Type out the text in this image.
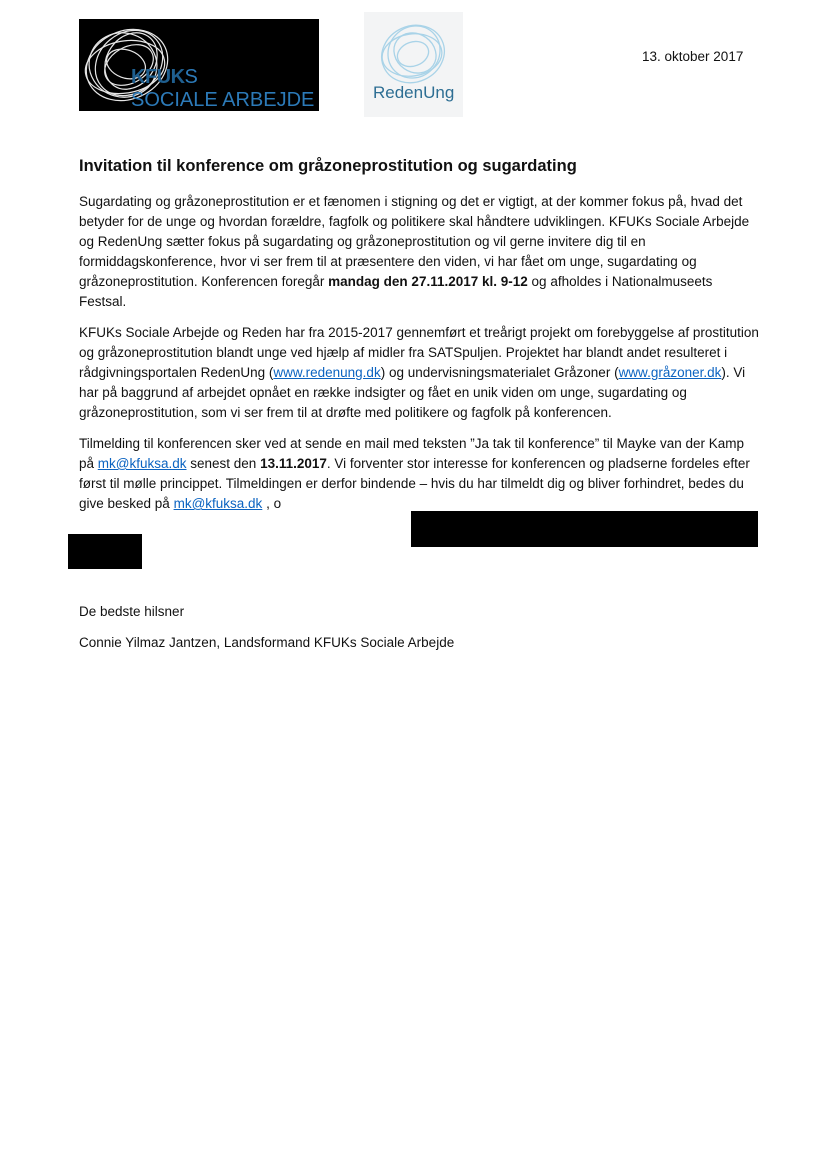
KFUKS
SOCIALE ARBEJDE	RedenUng
13. oktober 2017
Invitation til konference om gråzoneprostitution og sugardating

Sugardating og gråzoneprostitution er et fænomen i stigning og det er vigtigt, at der kommer fokus på, hvad det betyder for de unge og hvordan forældre, fagfolk og politikere skal håndtere udviklingen. KFUKs Sociale Arbejde og RedenUng sætter fokus på sugardating og gråzoneprostitution og vil gerne invitere dig til en formiddagskonference, hvor vi ser frem til at præsentere den viden, vi har fået om unge, sugardating og gråzoneprostitution. Konferencen foregår mandag den 27.11.2017 kl. 9-12 og afholdes i Nationalmuseets Festsal.

KFUKs Sociale Arbejde og Reden har fra 2015-2017 gennemført et treårigt projekt om forebyggelse af prostitution og gråzoneprostitution blandt unge ved hjælp af midler fra SATSpuljen. Projektet har blandt andet resulteret i rådgivningsportalen RedenUng (www.redenung.dk) og undervisningsmaterialet Gråzoner (www.gråzoner.dk). Vi har på baggrund af arbejdet opnået en række indsigter og fået en unik viden om unge, sugardating og gråzoneprostitution, som vi ser frem til at drøfte med politikere og fagfolk på konferencen.

Tilmelding til konferencen sker ved at sende en mail med teksten ”Ja tak til konference” til Mayke van der Kamp på mk@kfuksa.dk senest den 13.11.2017. Vi forventer stor interesse for konferencen og pladserne fordeles efter først til mølle princippet. Tilmeldingen er derfor bindende – hvis du har tilmeldt dig og bliver forhindret, bedes du give besked på mk@kfuksa.dk , o

De bedste hilsner
Connie Yilmaz Jantzen, Landsformand KFUKs Sociale Arbejde
